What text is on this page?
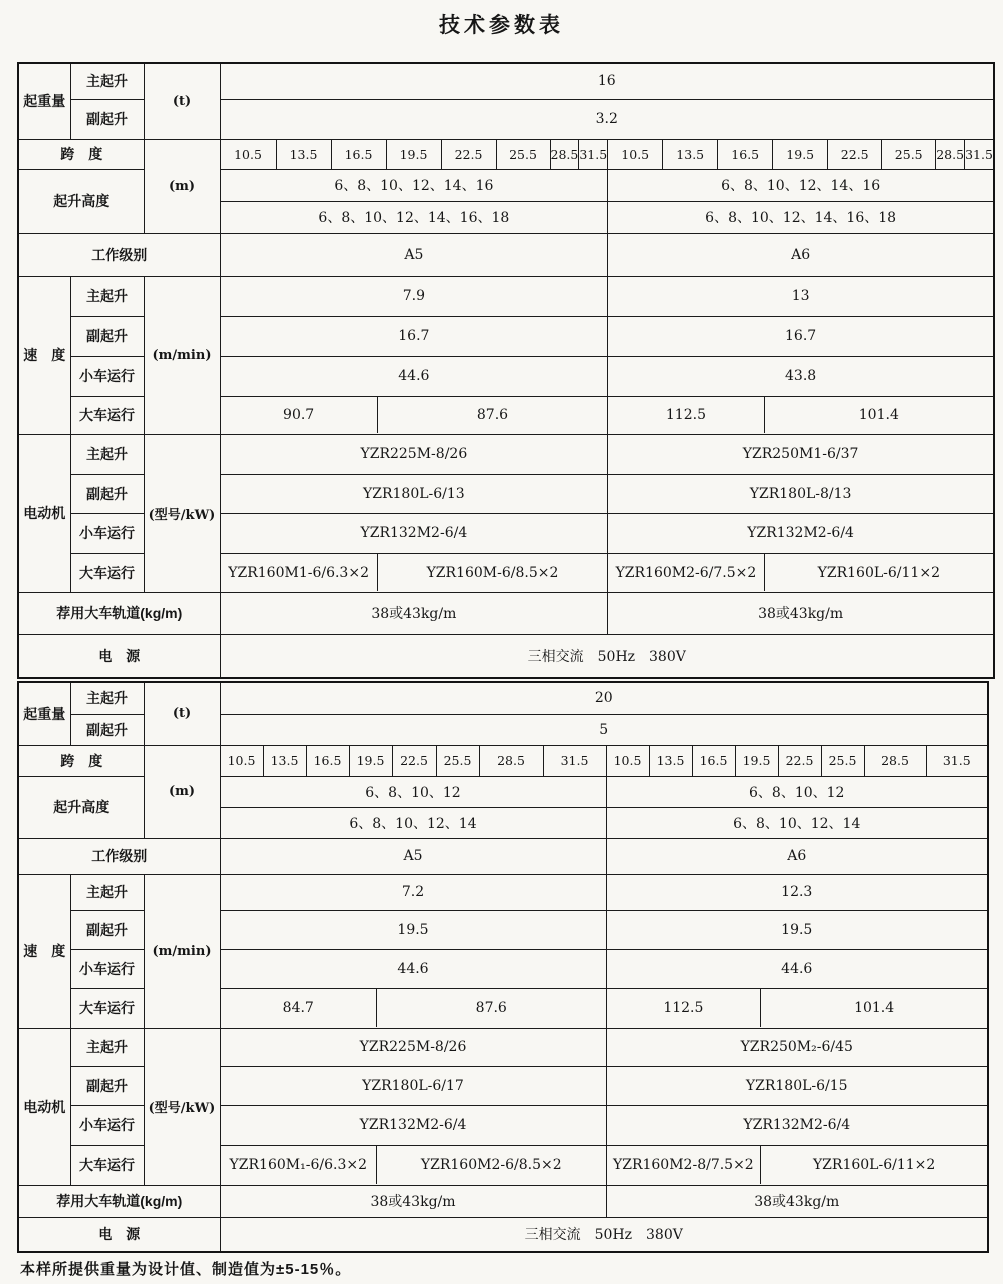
技术参数表
起重量	主起升	(t)	16															
	副起升		3.2															
跨　度		(m)	10.5	13.5	16.5	19.5	22.5	25.5	28.5	31.5	10.5	13.5	16.5	19.5	22.5	25.5	28.5	31.5
起升高度			6、8、10、12、14、16								6、8、10、12、14、16							
			6、8、10、12、14、16、18								6、8、10、12、14、16、18							
工作级别			A5								A6							
速　度	主起升	(m/min)	7.9								13							
	副起升		16.7								16.7							
	小车运行		44.6								43.8							
大车运行	90.7	87.6	112.5	101.4

电动机	主起升	(型号/kW)	YZR225M-8/26								YZR250M1-6/37							
	副起升		YZR180L-6/13								YZR180L-8/13							
	小车运行		YZR132M2-6/4								YZR132M2-6/4							
大车运行	YZR160M1-6/6.3×2	YZR160M-6/8.5×2	YZR160M2-6/7.5×2	YZR160L-6/11×2

荐用大车轨道(kg/m)			38或43kg/m								38或43kg/m							
电　源			三相交流　50Hz　380V															
起重量	主起升	(t)	20															
	副起升		5															
跨　度		(m)	10.5	13.5	16.5	19.5	22.5	25.5	28.5	31.5	10.5	13.5	16.5	19.5	22.5	25.5	28.5	31.5
起升高度			6、8、10、12								6、8、10、12							
			6、8、10、12、14								6、8、10、12、14							
工作级别			A5								A6							
速　度	主起升	(m/min)	7.2								12.3							
	副起升		19.5								19.5							
	小车运行		44.6								44.6							
大车运行	84.7	87.6	112.5	101.4

电动机	主起升	(型号/kW)	YZR225M-8/26								YZR250M₂-6/45							
	副起升		YZR180L-6/17								YZR180L-6/15							
	小车运行		YZR132M2-6/4								YZR132M2-6/4							
大车运行	YZR160M₁-6/6.3×2	YZR160M2-6/8.5×2	YZR160M2-8/7.5×2	YZR160L-6/11×2

荐用大车轨道(kg/m)			38或43kg/m								38或43kg/m							
电　源			三相交流　50Hz　380V															
本样所提供重量为设计值、制造值为±5-15％。
